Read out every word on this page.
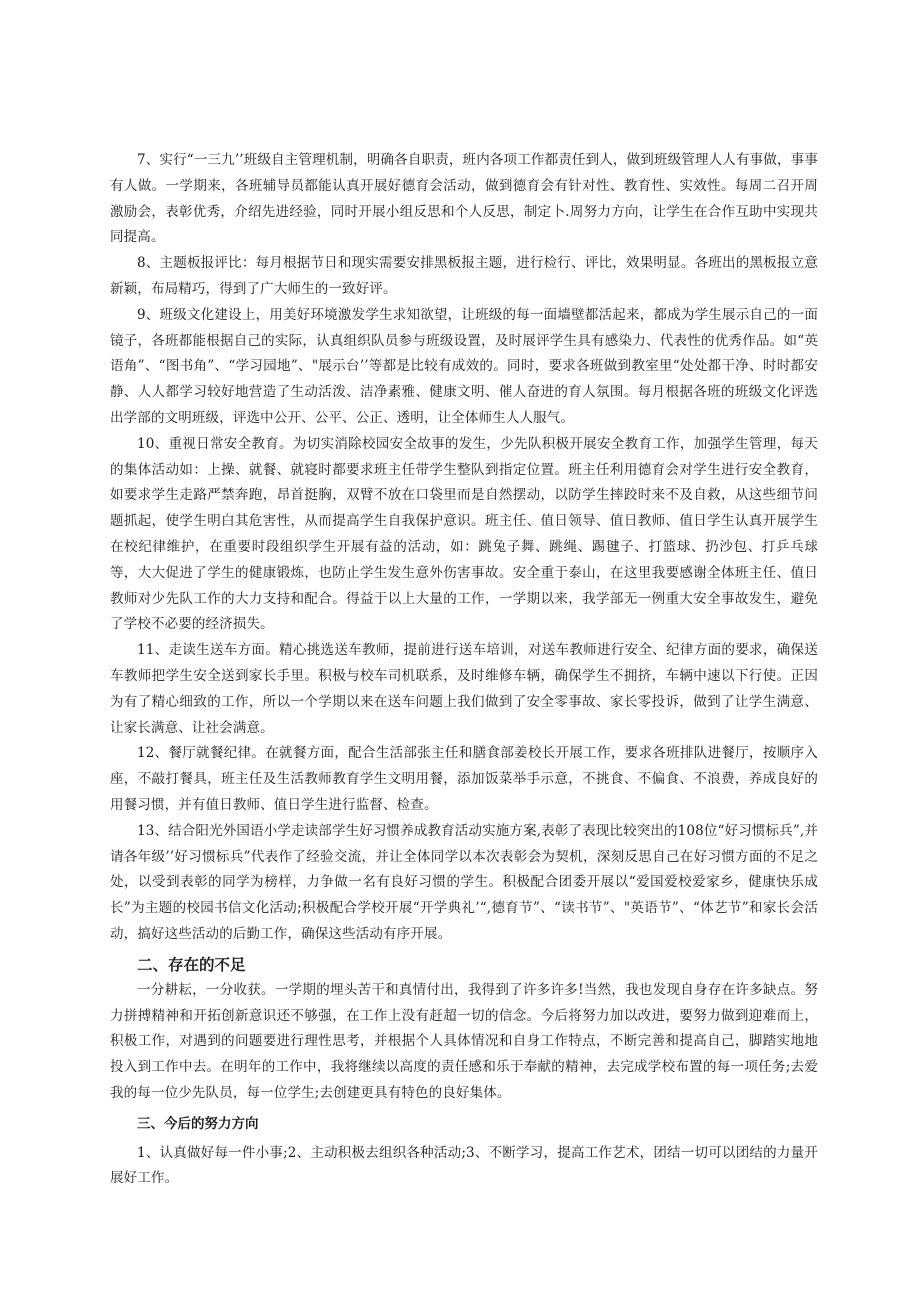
7、实行“一三九’’班级自主管理机制，明确各自职责，班内各项工作都责任到人，做到班级管理人人有事做，事事有人做。一学期来，各班辅导员都能认真开展好德育会活动，做到德育会有针对性、教育性、实效性。每周二召开周激励会，表彰优秀，介绍先进经验，同时开展小组反思和个人反思，制定卜.周努力方向，让学生在合作互助中实现共同提高。

8、主题板报评比：每月根据节日和现实需要安排黑板报主题，进行检行、评比，效果明显。各班出的黑板报立意新颖，布局精巧，得到了广大师生的一致好评。

9、班级文化建设上，用美好环境激发学生求知欲望，让班级的每一面墙壁都活起来，都成为学生展示自己的一面镜子，各班都能根据自己的实际，认真组织队员参与班级设置，及时展评学生具有感染力、代表性的优秀作品。如“英语角”、“图书角”、“学习园地”、"展示台’’等都是比较有成效的。同时，要求各班做到教室里“处处都干净、时时都安静、人人都学习较好地营造了生动活泼、洁净素雅、健康文明、催人奋进的育人氛围。每月根据各班的班级文化评选出学部的文明班级，评选中公开、公平、公正、透明，让全体师生人人服气。

10、重视日常安全教育。为切实消除校园安全故事的发生，少先队积极开展安全教育工作，加强学生管理，每天的集体活动如：上操、就餐、就寝时都要求班主任带学生整队到指定位置。班主任利用德育会对学生进行安全教育，如要求学生走路严禁奔跑，昂首挺胸，双臂不放在口袋里而是自然摆动，以防学生摔跤时来不及自救，从这些细节问题抓起，使学生明白其危害性，从而提高学生自我保护意识。班主任、值日领导、值日教师、值日学生认真开展学生在校纪律维护，在重要时段组织学生开展有益的活动，如：跳兔子舞、跳绳、踢毽子、打篮球、扔沙包、打乒乓球等，大大促进了学生的健康锻炼，也防止学生发生意外伤害事故。安全重于泰山，在这里我要感谢全体班主任、值日教师对少先队工作的大力支持和配合。得益于以上大量的工作，一学期以来，我学部无一例重大安全事故发生，避免了学校不必要的经济损失。

11、走读生送车方面。精心挑选送车教师，提前进行送车培训，对送车教师进行安全、纪律方面的要求，确保送车教师把学生安全送到家长手里。积极与校车司机联系，及时维修车辆，确保学生不拥挤，车辆中速以下行使。正因为有了精心细致的工作，所以一个学期以来在送车问题上我们做到了安全零事故、家长零投诉，做到了让学生满意、让家长满意、让社会满意。

12、餐厅就餐纪律。在就餐方面，配合生活部张主任和膳食部姜校长开展工作，要求各班排队进餐厅，按顺序入座，不敲打餐具，班主任及生活教师教育学生文明用餐，添加饭菜举手示意，不挑食、不偏食、不浪费，养成良好的用餐习惯，并有值日教师、值日学生进行监督、检查。

13、结合阳光外国语小学走读部学生好习惯养成教育活动实施方案,表彰了表现比较突出的108位“好习惯标兵”,并请各年级’’好习惯标兵”代表作了经验交流，并让全体同学以本次表彰会为契机，深刻反思自己在好习惯方面的不足之处，以受到表彰的同学为榜样，力争做一名有良好习惯的学生。积极配合团委开展以“爱国爱校爱家乡，健康快乐成长”为主题的校园书信文化活动;积极配合学校开展“开学典礼’“,德育节”、“读书节”、"英语节”、“体艺节”和家长会活动，搞好这些活动的后勤工作，确保这些活动有序开展。

二、存在的不足

一分耕耘，一分收获。一学期的埋头苦干和真情付出，我得到了许多许多!当然，我也发现自身存在许多缺点。努力拼搏精神和开拓创新意识还不够强，在工作上没有赶超一切的信念。今后将努力加以改进，要努力做到迎难而上，积极工作，对遇到的问题要进行理性思考，并根据个人具体情况和自身工作特点，不断完善和提高自己，脚踏实地地投入到工作中去。在明年的工作中，我将继续以高度的责任感和乐于奉献的精神，去完成学校布置的每一项任务;去爱我的每一位少先队员，每一位学生;去创建更具有特色的良好集体。

三、今后的努力方向

1、认真做好每一件小事;2、主动积极去组织各种活动;3、不断学习，提高工作艺术，团结一切可以团结的力量开展好工作。
